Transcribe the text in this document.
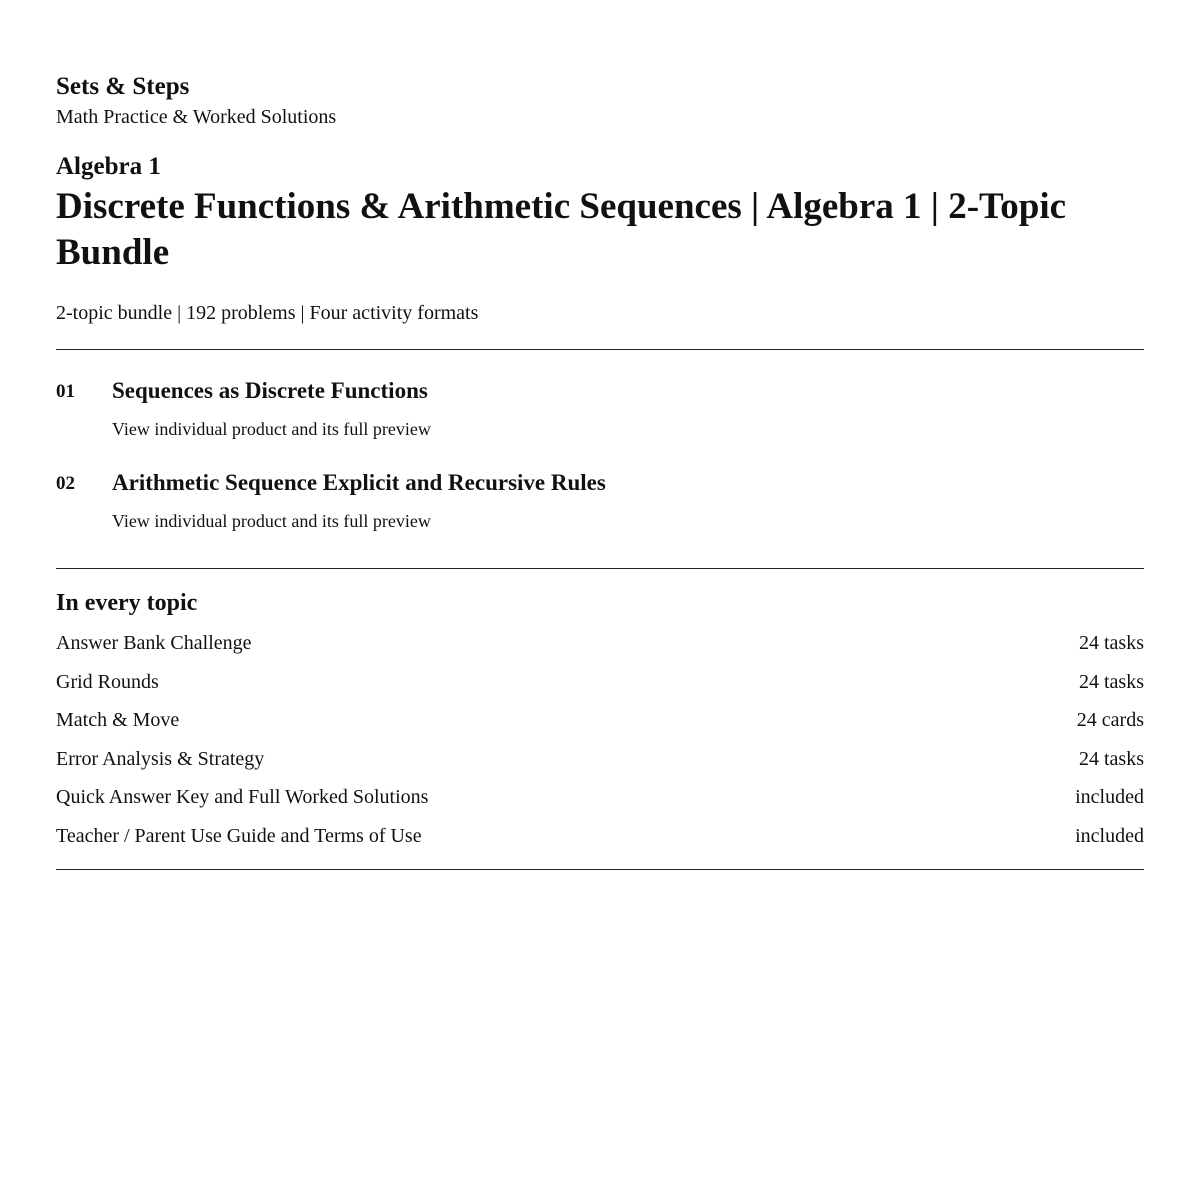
Sets & Steps
Math Practice & Worked Solutions
Algebra 1
Discrete Functions & Arithmetic Sequences | Algebra 1 | 2-Topic Bundle
2-topic bundle | 192 problems | Four activity formats
01 Sequences as Discrete Functions
View individual product and its full preview
02 Arithmetic Sequence Explicit and Recursive Rules
View individual product and its full preview
In every topic
Answer Bank Challenge	24 tasks
Grid Rounds	24 tasks
Match & Move	24 cards
Error Analysis & Strategy	24 tasks
Quick Answer Key and Full Worked Solutions	included
Teacher / Parent Use Guide and Terms of Use	included
